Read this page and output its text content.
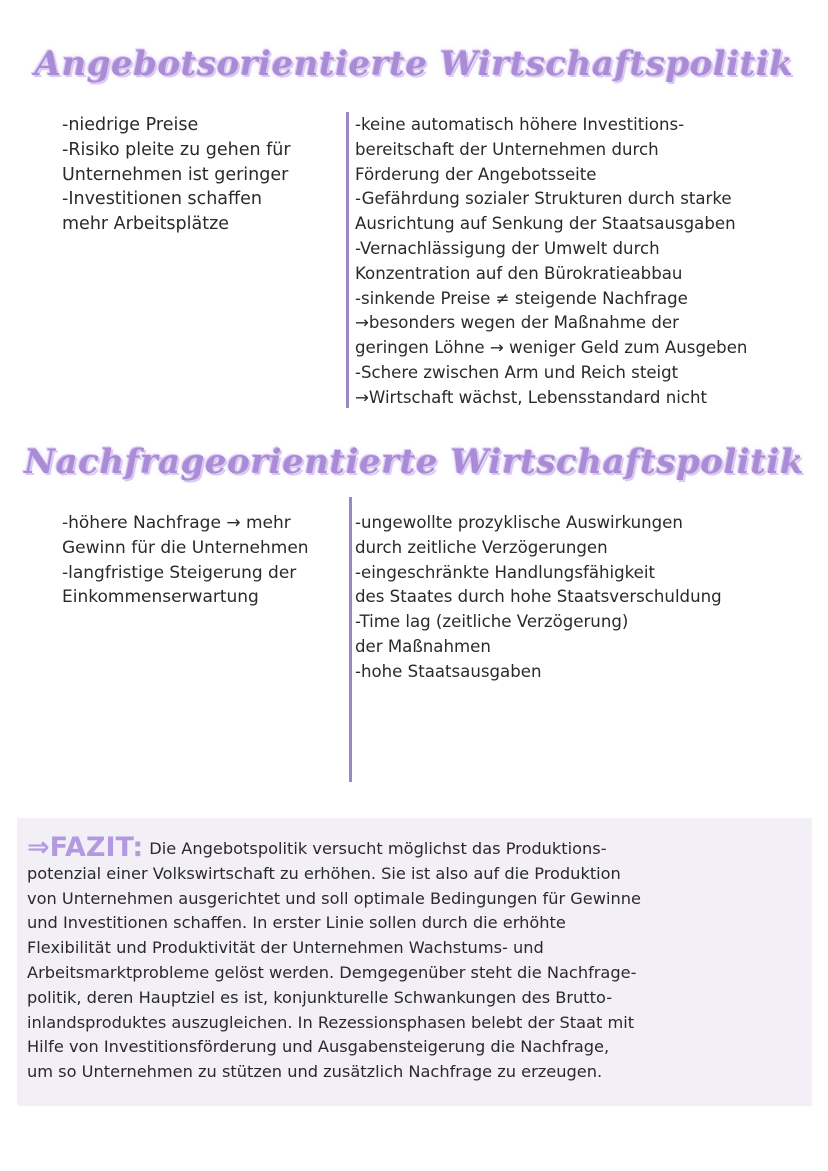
Angebotsorientierte Wirtschaftspolitik
-niedrige Preise
-Risiko pleite zu gehen für
Unternehmen ist geringer
-Investitionen schaffen
mehr Arbeitsplätze
-keine automatisch höhere Investitions-
bereitschaft der Unternehmen durch
Förderung der Angebotsseite
-Gefährdung sozialer Strukturen durch starke
Ausrichtung auf Senkung der Staatsausgaben
-Vernachlässigung der Umwelt durch
Konzentration auf den Bürokratieabbau
-sinkende Preise ≠ steigende Nachfrage
→besonders wegen der Maßnahme der
geringen Löhne → weniger Geld zum Ausgeben
-Schere zwischen Arm und Reich steigt
→Wirtschaft wächst, Lebensstandard nicht
Nachfrageorientierte Wirtschaftspolitik
-höhere Nachfrage → mehr
Gewinn für die Unternehmen
-langfristige Steigerung der
Einkommenserwartung
-ungewollte prozyklische Auswirkungen
durch zeitliche Verzögerungen
-eingeschränkte Handlungsfähigkeit
des Staates durch hohe Staatsverschuldung
-Time lag (zeitliche Verzögerung)
der Maßnahmen
-hohe Staatsausgaben
⇒FAZIT: Die Angebotspolitik versucht möglichst das Produktions-
potenzial einer Volkswirtschaft zu erhöhen. Sie ist also auf die Produktion
von Unternehmen ausgerichtet und soll optimale Bedingungen für Gewinne
und Investitionen schaffen. In erster Linie sollen durch die erhöhte
Flexibilität und Produktivität der Unternehmen Wachstums- und
Arbeitsmarktprobleme gelöst werden. Demgegenüber steht die Nachfrage-
politik, deren Hauptziel es ist, konjunkturelle Schwankungen des Brutto-
inlandsproduktes auszugleichen. In Rezessionsphasen belebt der Staat mit
Hilfe von Investitionsförderung und Ausgabensteigerung die Nachfrage,
um so Unternehmen zu stützen und zusätzlich Nachfrage zu erzeugen.
